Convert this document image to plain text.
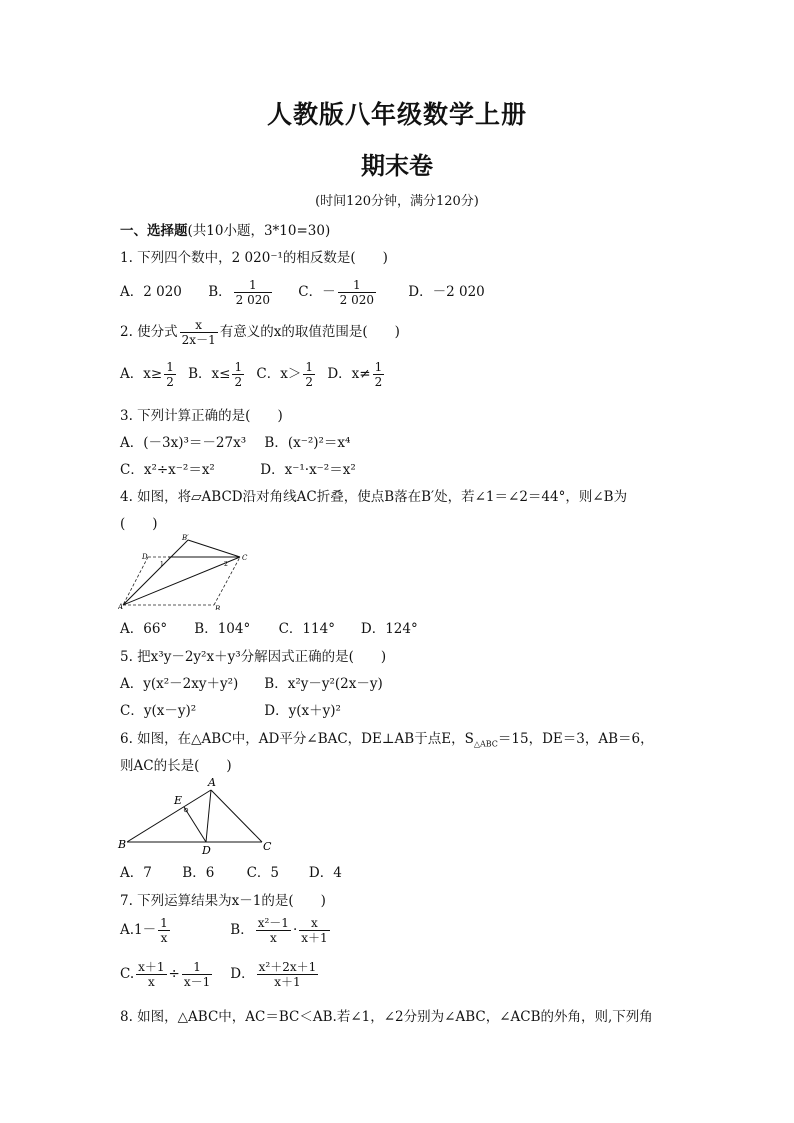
人教版八年级数学上册
期末卷
(时间120分钟，满分120分)
一、选择题(共10小题，3*10=30)
1. 下列四个数中，2 020⁻¹的相反数是(　　)
A．2 020 B． $\frac{1}{2 020}$ C．－ $\frac{1}{2 020}$ D．－2 020
2. 使分式 $\frac{x}{2x-1}$ 有意义的x的取值范围是(　　)
A．$x\ge \frac{1}{2}$ B．$x\le \frac{1}{2}$ C．$x> \frac{1}{2}$ D．$x\ne \frac{1}{2}$
3. 下列计算正确的是(　　)
A．(－3x)³＝－27x³ B．(x⁻²)²＝x⁴
C．x²÷x⁻²＝x²	D．x⁻¹·x⁻²＝x²
4. 如图，将▱ABCD沿对角线AC折叠，使点B落在B′处，若∠1＝∠2＝44°，则∠B为
(　　)
B′
D	C
1	2
A	B
A．66° B．104° C．114° D．124°
5. 把x³y－2y²x＋y³分解因式正确的是(　　)
A．y(x²－2xy＋y²) B．x²y－y²(2x－y)
C．y(x－y)²	D．y(x＋y)²
6. 如图，在△ABC中，AD平分∠BAC，DE⊥AB于点E，$S_{\triangle ABC}=15$，DE＝3，AB＝6，
则AC的长是(　　)
A
E
B	D	C
A．7 B．6 C．5 D．4
7. 下列运算结果为x－1的是(　　)
$A.1- \frac{1}{x}$	B． $\frac{\text{x²－1}}{x} \cdot \frac{x}{x+1}$
C. $\frac{x+1}{x} \div \frac{1}{x-1}$ D． $\frac{\text{x²＋2x＋1}}{x+1}$
8. 如图，△ABC中，AC＝BC＜AB.若∠1，∠2分别为∠ABC，∠ACB的外角，则,下列角
